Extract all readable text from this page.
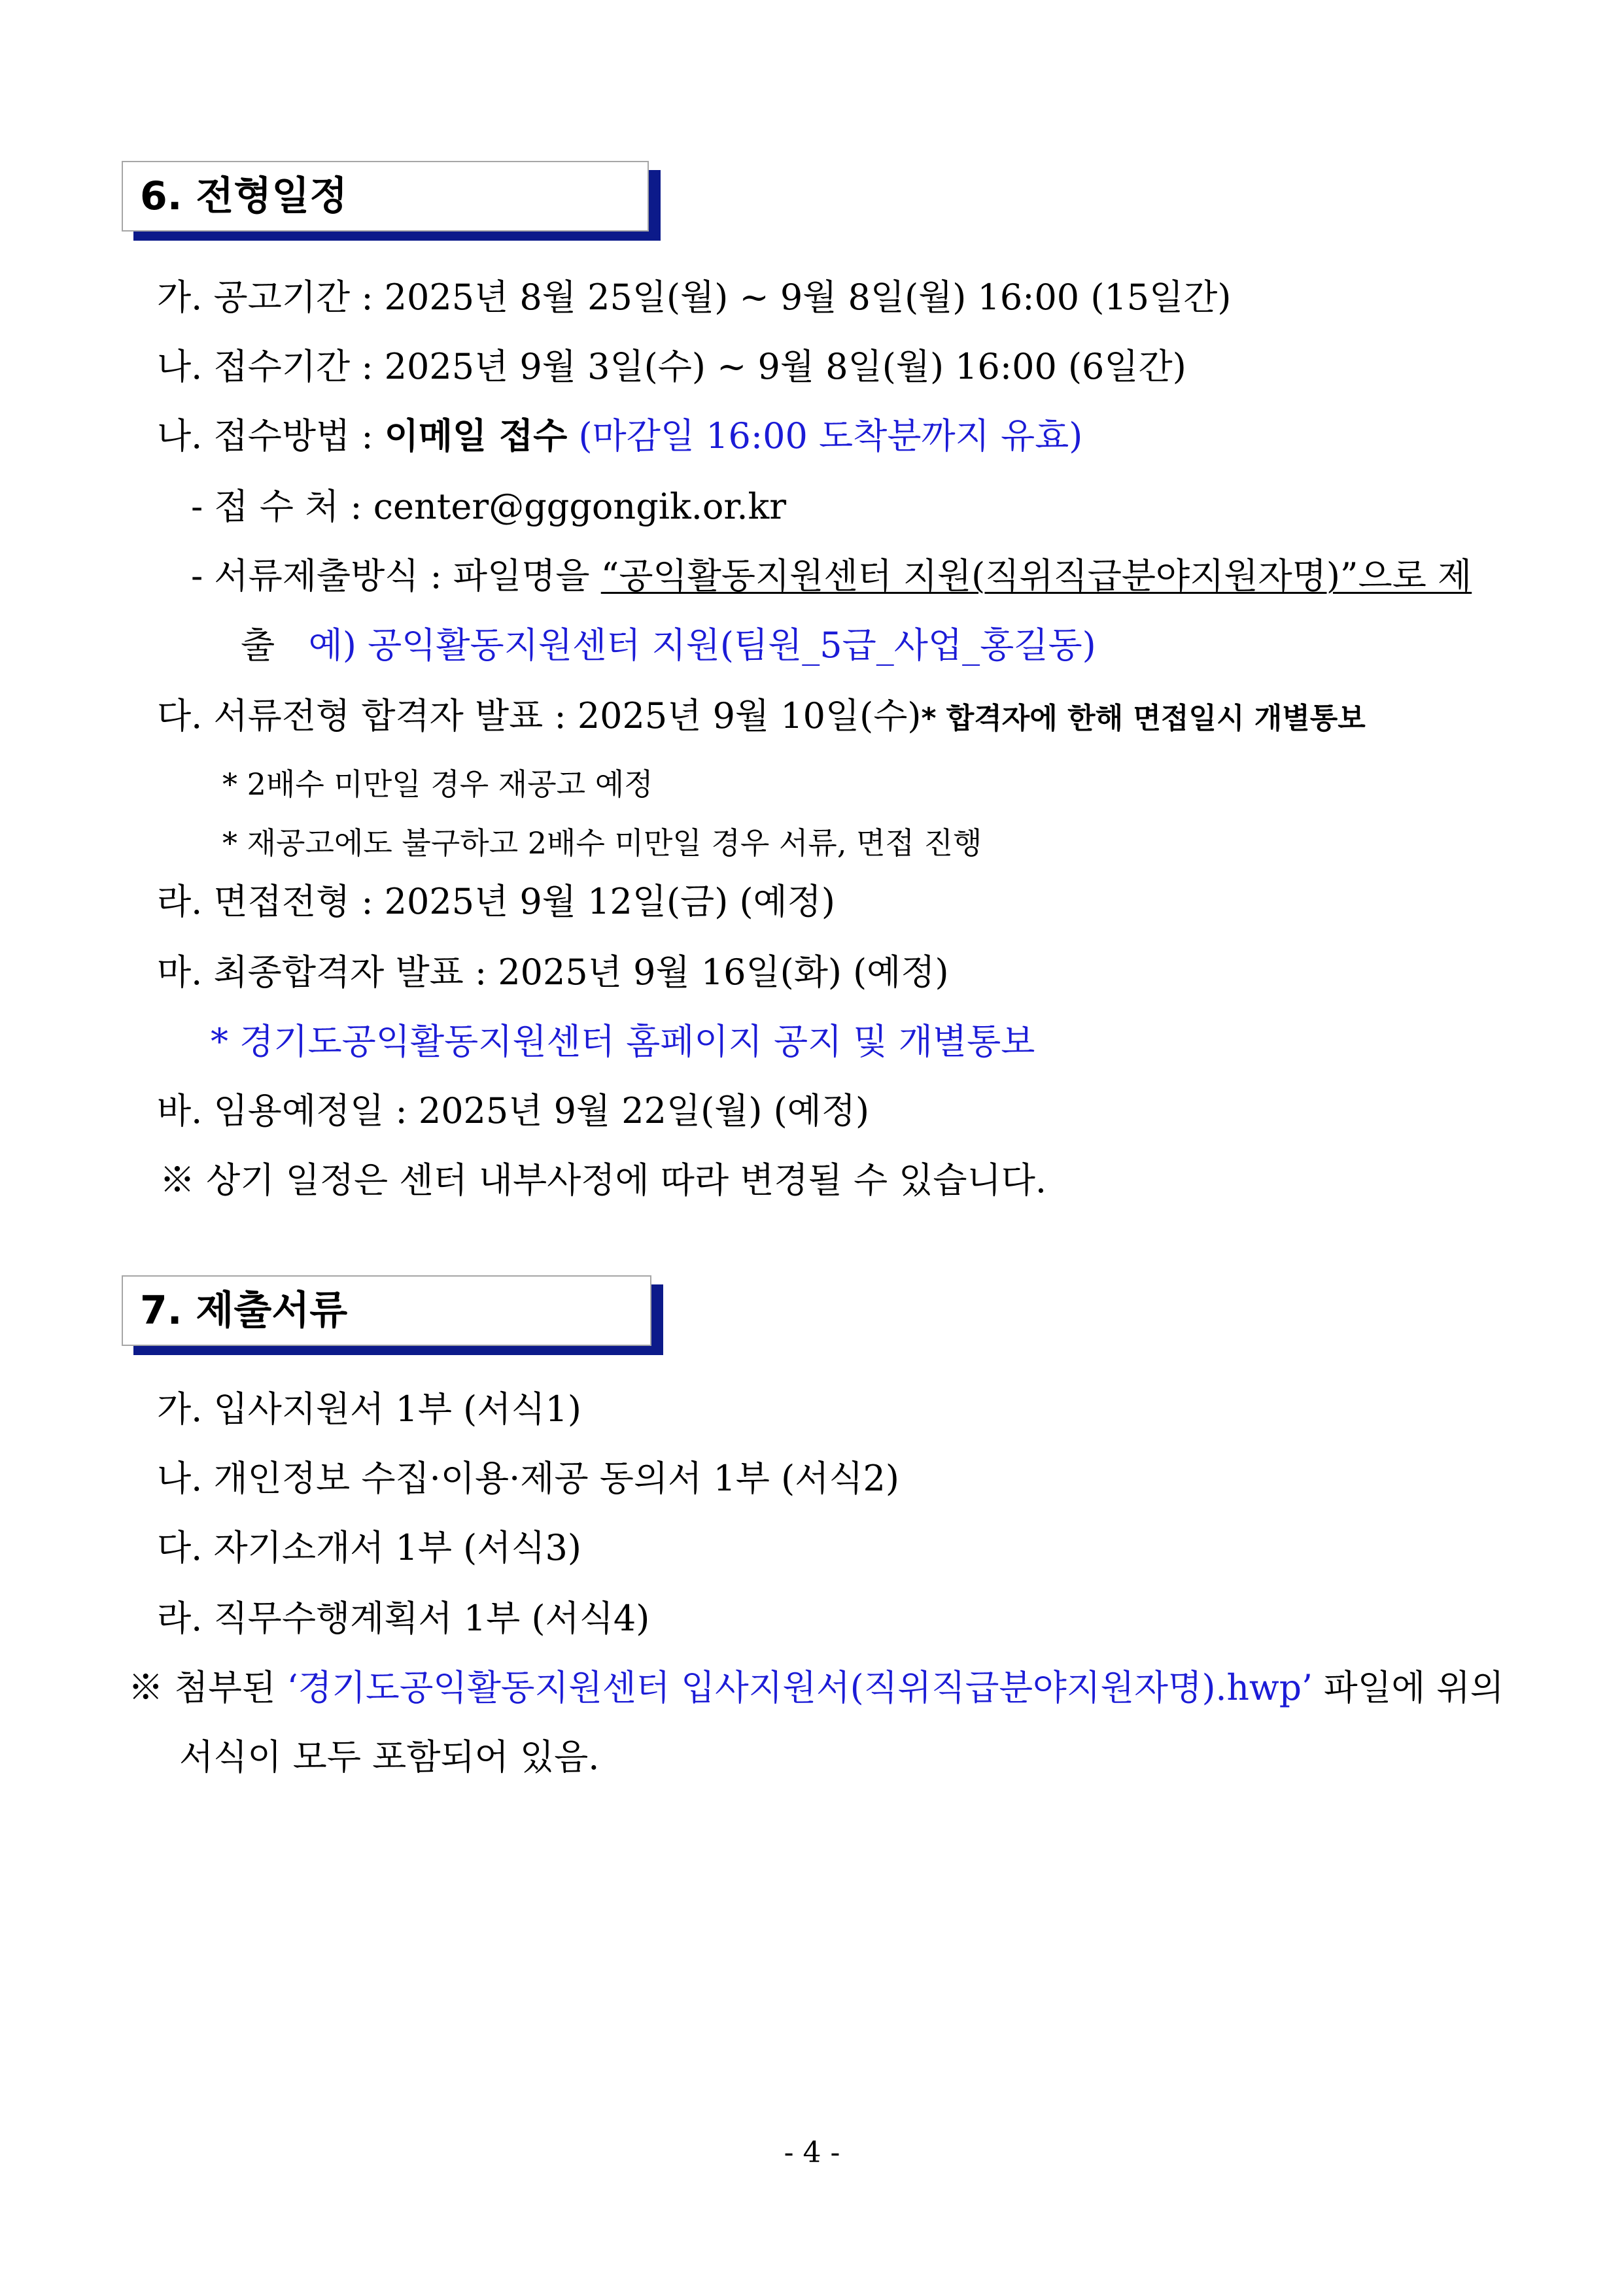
6. 전형일정
가. 공고기간 : 2025년 8월 25일(월) ~ 9월 8일(월) 16:00 (15일간)
나. 접수기간 : 2025년 9월 3일(수) ~ 9월 8일(월) 16:00 (6일간)
나. 접수방법 : 이메일 접수 (마감일 16:00 도착분까지 유효)
- 접 수 처 : center@gggongik.or.kr
- 서류제출방식 : 파일명을 “공익활동지원센터 지원(직위직급분야지원자명)”으로 제
출 예) 공익활동지원센터 지원(팀원_5급_사업_홍길동)
다. 서류전형 합격자 발표 : 2025년 9월 10일(수)* 합격자에 한해 면접일시 개별통보
* 2배수 미만일 경우 재공고 예정
* 재공고에도 불구하고 2배수 미만일 경우 서류, 면접 진행
라. 면접전형 : 2025년 9월 12일(금) (예정)
마. 최종합격자 발표 : 2025년 9월 16일(화) (예정)
* 경기도공익활동지원센터 홈페이지 공지 및 개별통보
바. 임용예정일 : 2025년 9월 22일(월) (예정)
※ 상기 일정은 센터 내부사정에 따라 변경될 수 있습니다.
7. 제출서류
가. 입사지원서 1부 (서식1)
나. 개인정보 수집·이용·제공 동의서 1부 (서식2)
다. 자기소개서 1부 (서식3)
라. 직무수행계획서 1부 (서식4)
※ 첨부된 ‘경기도공익활동지원센터 입사지원서(직위직급분야지원자명).hwp’ 파일에 위의
서식이 모두 포함되어 있음.
- 4 -
